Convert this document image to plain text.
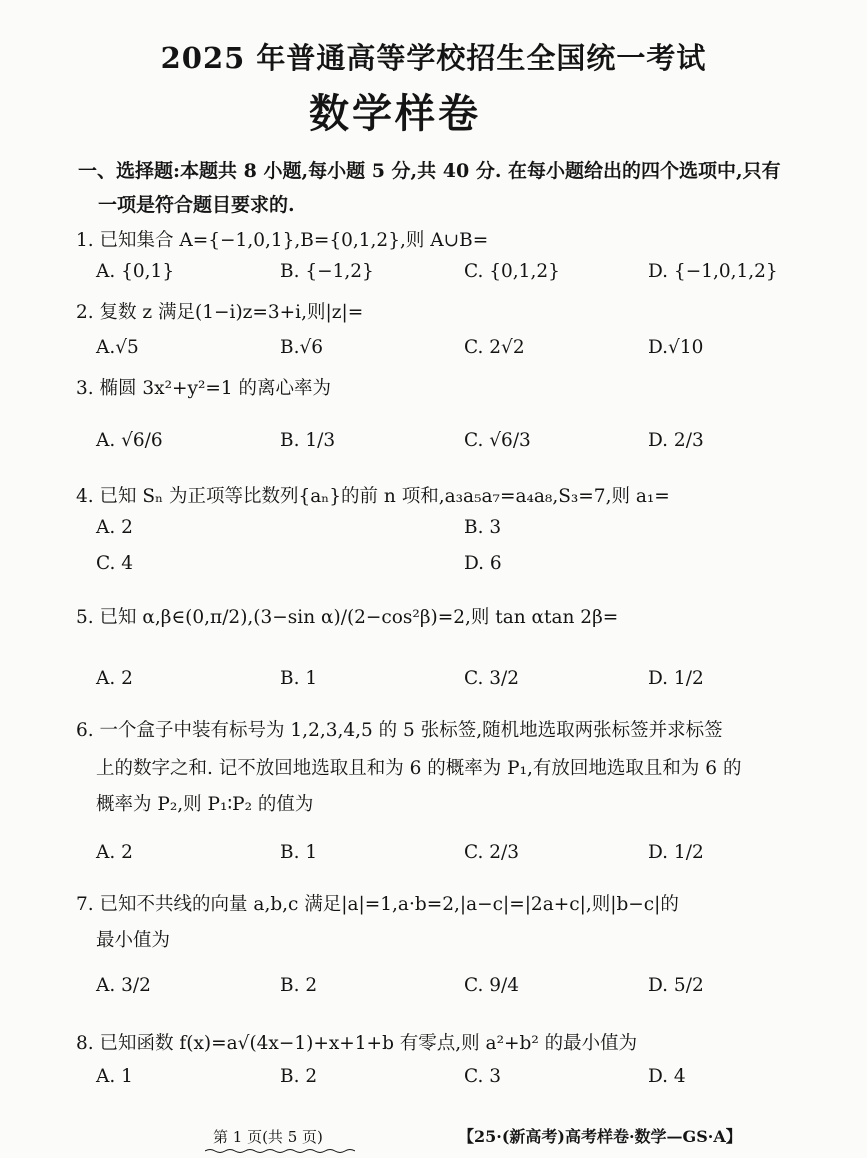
2025 年普通高等学校招生全国统一考试
数学样卷
一、选择题:本题共 8 小题,每小题 5 分,共 40 分. 在每小题给出的四个选项中,只有
一项是符合题目要求的.
1. 已知集合 A={−1,0,1},B={0,1,2},则 A∪B=
A. {0,1}	B. {−1,2}	C. {0,1,2}	D. {−1,0,1,2}
2. 复数 z 满足(1−i)z=3+i,则|z|=
A.√5	B.√6	C. 2√2	D.√10
3. 椭圆 3x²+y²=1 的离心率为
A. √6/6	B. 1/3	C. √6/3	D. 2/3
4. 已知 Sₙ 为正项等比数列{aₙ}的前 n 项和,a₃a₅a₇=a₄a₈,S₃=7,则 a₁=
A. 2	B. 3
C. 4	D. 6
5. 已知 α,β∈(0,π/2),(3−sin α)/(2−cos²β)=2,则 tan αtan 2β=
A. 2	B. 1	C. 3/2	D. 1/2
6. 一个盒子中装有标号为 1,2,3,4,5 的 5 张标签,随机地选取两张标签并求标签
上的数字之和. 记不放回地选取且和为 6 的概率为 P₁,有放回地选取且和为 6 的
概率为 P₂,则 P₁∶P₂ 的值为
A. 2	B. 1	C. 2/3	D. 1/2
7. 已知不共线的向量 a,b,c 满足|a|=1,a·b=2,|a−c|=|2a+c|,则|b−c|的
最小值为
A. 3/2	B. 2	C. 9/4	D. 5/2
8. 已知函数 f(x)=a√(4x−1)+x+1+b 有零点,则 a²+b² 的最小值为
A. 1	B. 2	C. 3	D. 4
第 1 页(共 5 页)	【25·(新高考)高考样卷·数学—GS·A】
